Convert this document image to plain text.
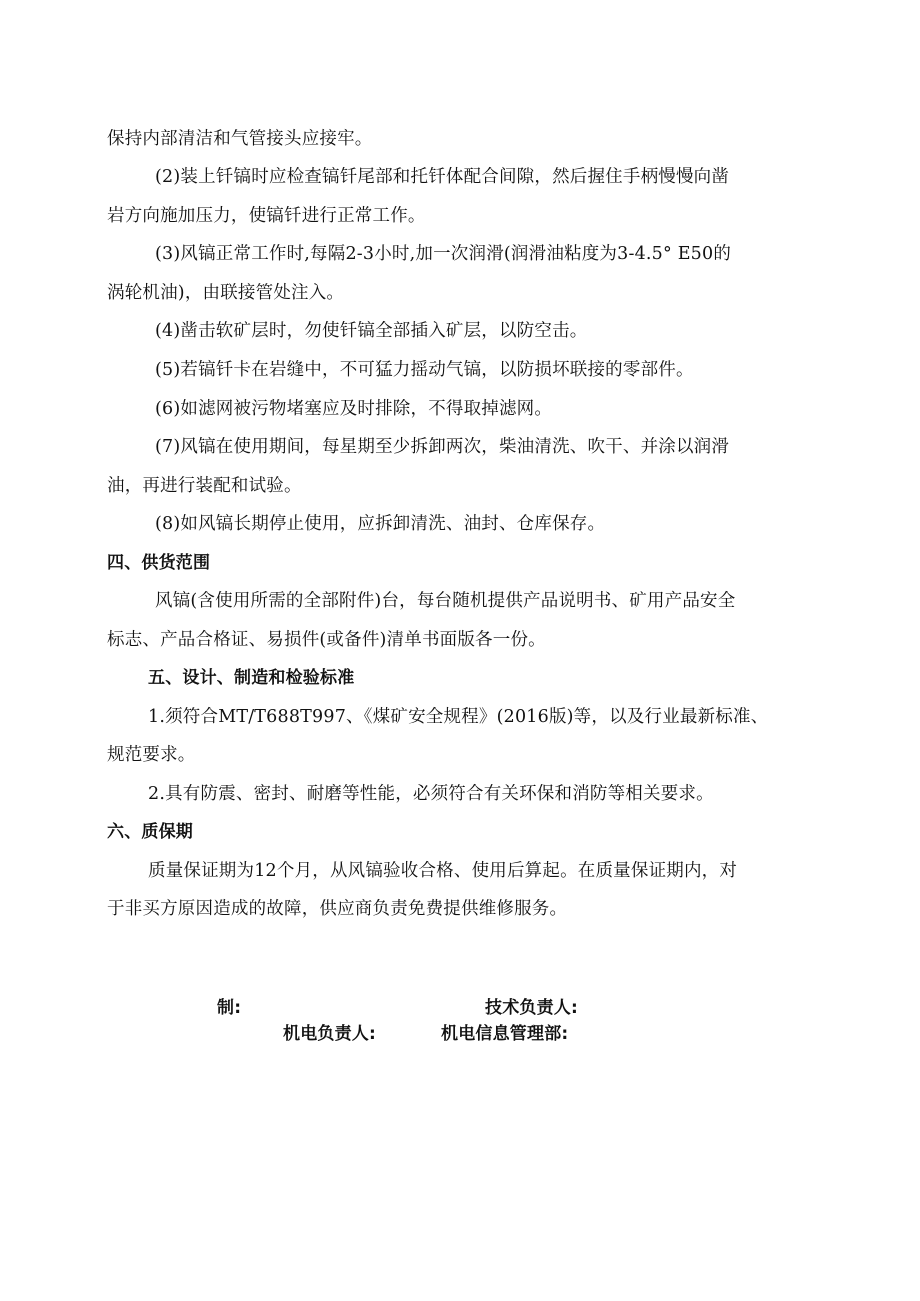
保持内部清洁和气管接头应接牢。
(2)装上钎镐时应检查镐钎尾部和托钎体配合间隙，然后握住手柄慢慢向凿
岩方向施加压力，使镐钎进行正常工作。
(3)风镐正常工作时,每隔2-3小时,加一次润滑(润滑油粘度为3-4.5° E50的
涡轮机油)，由联接管处注入。
(4)凿击软矿层时，勿使钎镐全部插入矿层，以防空击。
(5)若镐钎卡在岩缝中，不可猛力摇动气镐，以防损坏联接的零部件。
(6)如滤网被污物堵塞应及时排除，不得取掉滤网。
(7)风镐在使用期间，每星期至少拆卸两次，柴油清洗、吹干、并涂以润滑
油，再进行装配和试验。
(8)如风镐长期停止使用，应拆卸清洗、油封、仓库保存。
四、供货范围
风镐(含使用所需的全部附件)台，每台随机提供产品说明书、矿用产品安全
标志、产品合格证、易损件(或备件)清单书面版各一份。
五、设计、制造和检验标准
1.须符合MT/T688T997、《煤矿安全规程》(2016版)等，以及行业最新标准、
规范要求。
2.具有防震、密封、耐磨等性能，必须符合有关环保和消防等相关要求。
六、质保期
质量保证期为12个月，从风镐验收合格、使用后算起。在质量保证期内，对
于非买方原因造成的故障，供应商负责免费提供维修服务。
制:	技术负责人:
机电负责人:	机电信息管理部:
